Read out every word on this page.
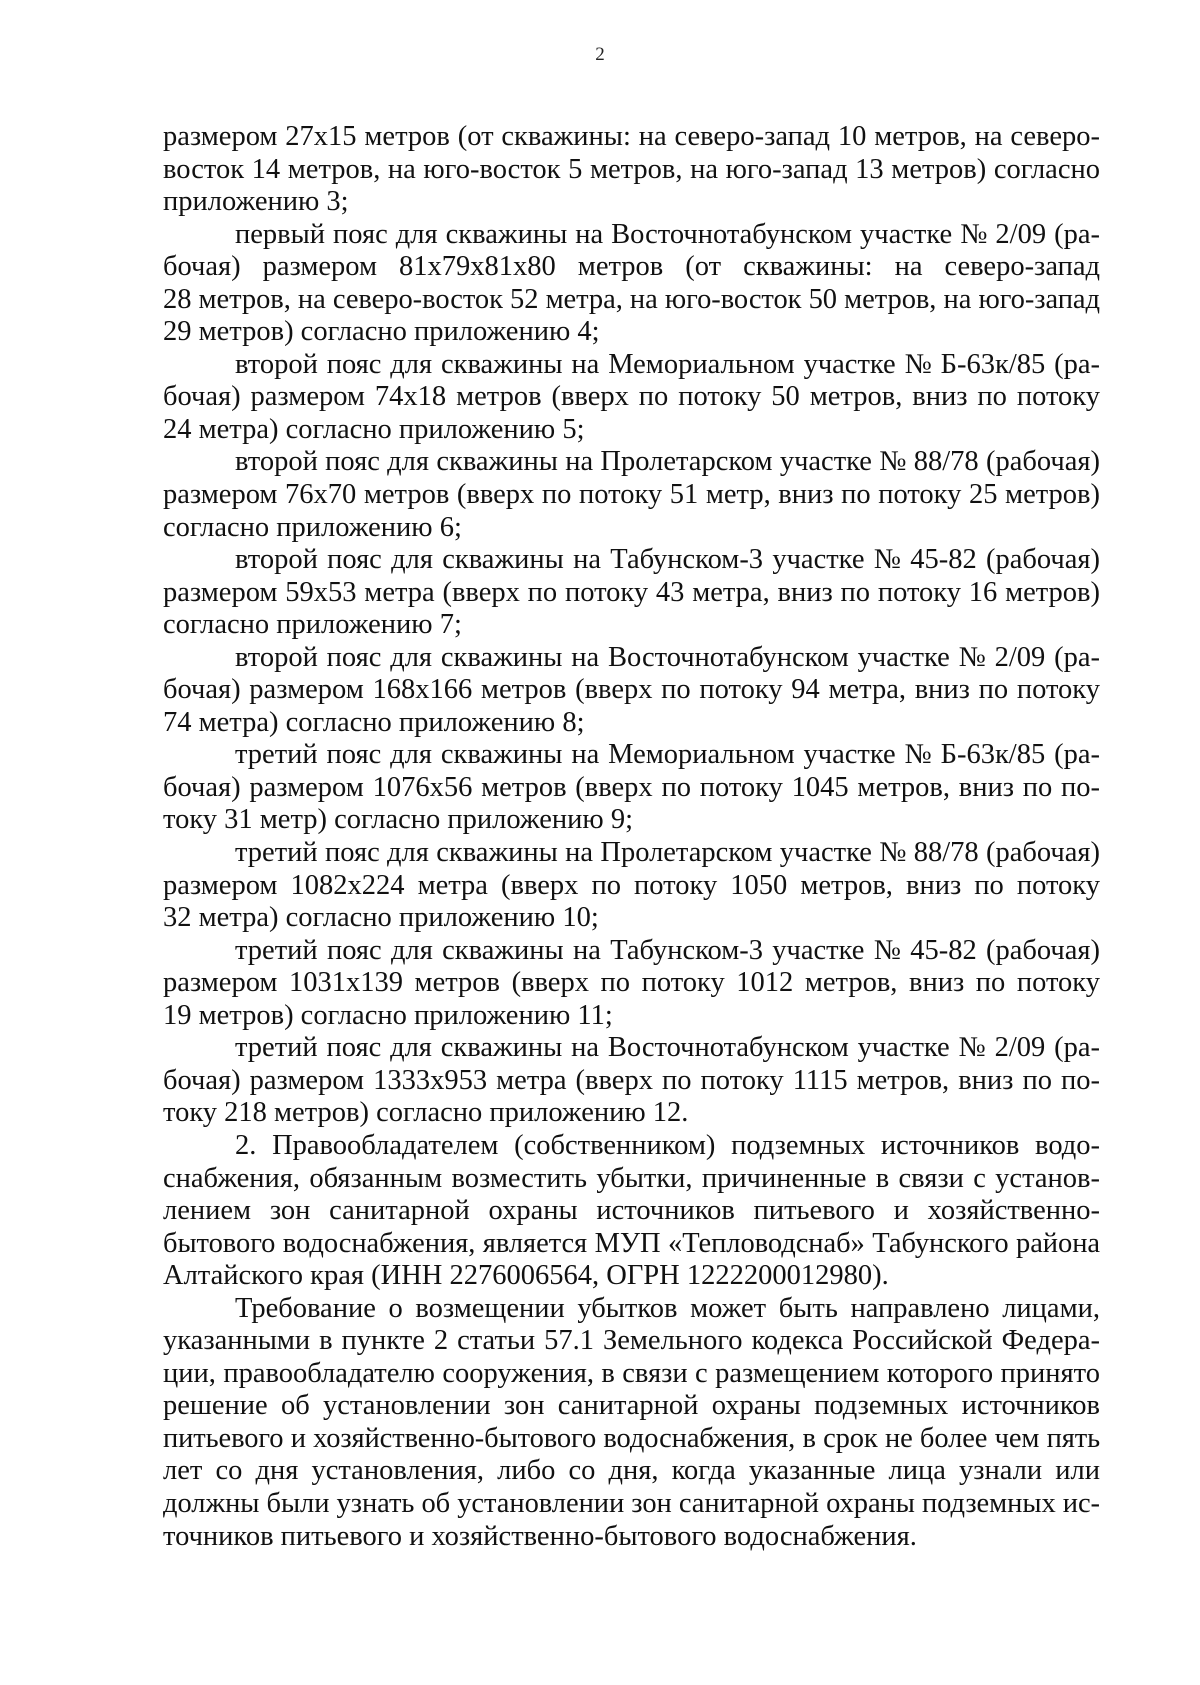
2
размером 27х15 метров (от скважины: на северо-запад 10 метров, на северо-
восток 14 метров, на юго-восток 5 метров, на юго-запад 13 метров) согласно
приложению 3;
первый пояс для скважины на Восточнотабунском участке № 2/09 (ра-
бочая) размером 81х79х81х80 метров (от скважины: на северо-запад
28 метров, на северо-восток 52 метра, на юго-восток 50 метров, на юго-запад
29 метров) согласно приложению 4;
второй пояс для скважины на Мемориальном участке № Б-63к/85 (ра-
бочая) размером 74х18 метров (вверх по потоку 50 метров, вниз по потоку
24 метра) согласно приложению 5;
второй пояс для скважины на Пролетарском участке № 88/78 (рабочая)
размером 76х70 метров (вверх по потоку 51 метр, вниз по потоку 25 метров)
согласно приложению 6;
второй пояс для скважины на Табунском-3 участке № 45-82 (рабочая)
размером 59х53 метра (вверх по потоку 43 метра, вниз по потоку 16 метров)
согласно приложению 7;
второй пояс для скважины на Восточнотабунском участке № 2/09 (ра-
бочая) размером 168х166 метров (вверх по потоку 94 метра, вниз по потоку
74 метра) согласно приложению 8;
третий пояс для скважины на Мемориальном участке № Б-63к/85 (ра-
бочая) размером 1076х56 метров (вверх по потоку 1045 метров, вниз по по-
току 31 метр) согласно приложению 9;
третий пояс для скважины на Пролетарском участке № 88/78 (рабочая)
размером 1082х224 метра (вверх по потоку 1050 метров, вниз по потоку
32 метра) согласно приложению 10;
третий пояс для скважины на Табунском-3 участке № 45-82 (рабочая)
размером 1031х139 метров (вверх по потоку 1012 метров, вниз по потоку
19 метров) согласно приложению 11;
третий пояс для скважины на Восточнотабунском участке № 2/09 (ра-
бочая) размером 1333х953 метра (вверх по потоку 1115 метров, вниз по по-
току 218 метров) согласно приложению 12.
2. Правообладателем (собственником) подземных источников водо-
снабжения, обязанным возместить убытки, причиненные в связи с установ-
лением зон санитарной охраны источников питьевого и хозяйственно-
бытового водоснабжения, является МУП «Тепловодснаб» Табунского района
Алтайского края (ИНН 2276006564, ОГРН 1222200012980).
Требование о возмещении убытков может быть направлено лицами,
указанными в пункте 2 статьи 57.1 Земельного кодекса Российской Федера-
ции, правообладателю сооружения, в связи с размещением которого принято
решение об установлении зон санитарной охраны подземных источников
питьевого и хозяйственно-бытового водоснабжения, в срок не более чем пять
лет со дня установления, либо со дня, когда указанные лица узнали или
должны были узнать об установлении зон санитарной охраны подземных ис-
точников питьевого и хозяйственно-бытового водоснабжения.
